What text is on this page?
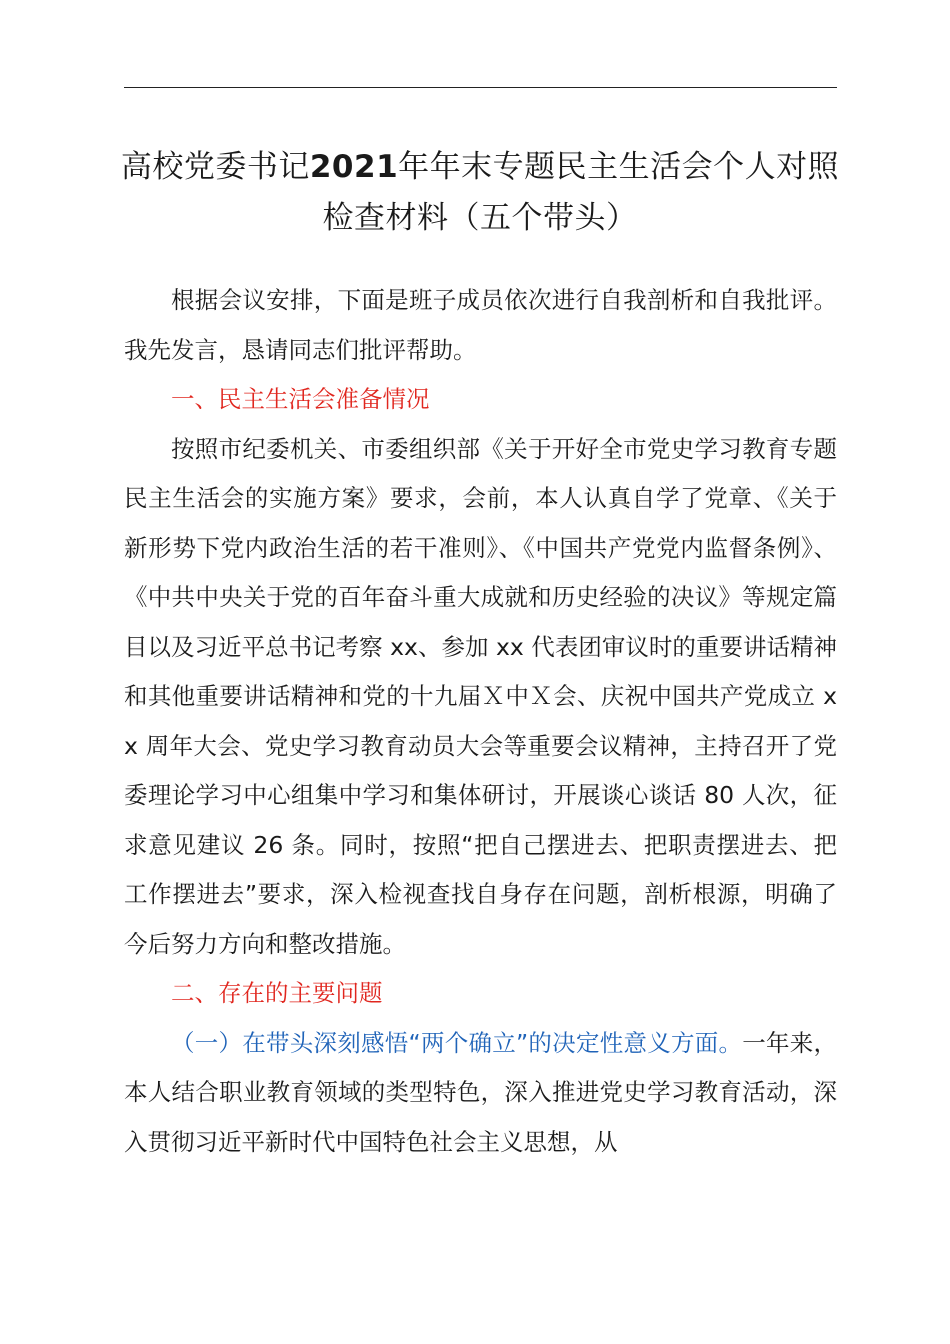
高校党委书记2021年年末专题民主生活会个人对照检查材料（五个带头）

根据会议安排，下面是班子成员依次进行自我剖析和自我批评。我先发言，恳请同志们批评帮助。

一、民主生活会准备情况

按照市纪委机关、市委组织部《关于开好全市党史学习教育专题民主生活会的实施方案》要求，会前，本人认真自学了党章、《关于新形势下党内政治生活的若干准则》、《中国共产党党内监督条例》、《中共中央关于党的百年奋斗重大成就和历史经验的决议》等规定篇目以及习近平总书记考察 xx、参加 xx 代表团审议时的重要讲话精神和其他重要讲话精神和党的十九届Ｘ中Ｘ会、庆祝中国共产党成立 xx 周年大会、党史学习教育动员大会等重要会议精神，主持召开了党委理论学习中心组集中学习和集体研讨，开展谈心谈话 80 人次，征求意见建议 26 条。同时，按照“把自己摆进去、把职责摆进去、把工作摆进去”要求，深入检视查找自身存在问题，剖析根源，明确了今后努力方向和整改措施。

二、存在的主要问题

（一）在带头深刻感悟“两个确立”的决定性意义方面。一年来，本人结合职业教育领域的类型特色，深入推进党史学习教育活动，深入贯彻习近平新时代中国特色社会主义思想，从
